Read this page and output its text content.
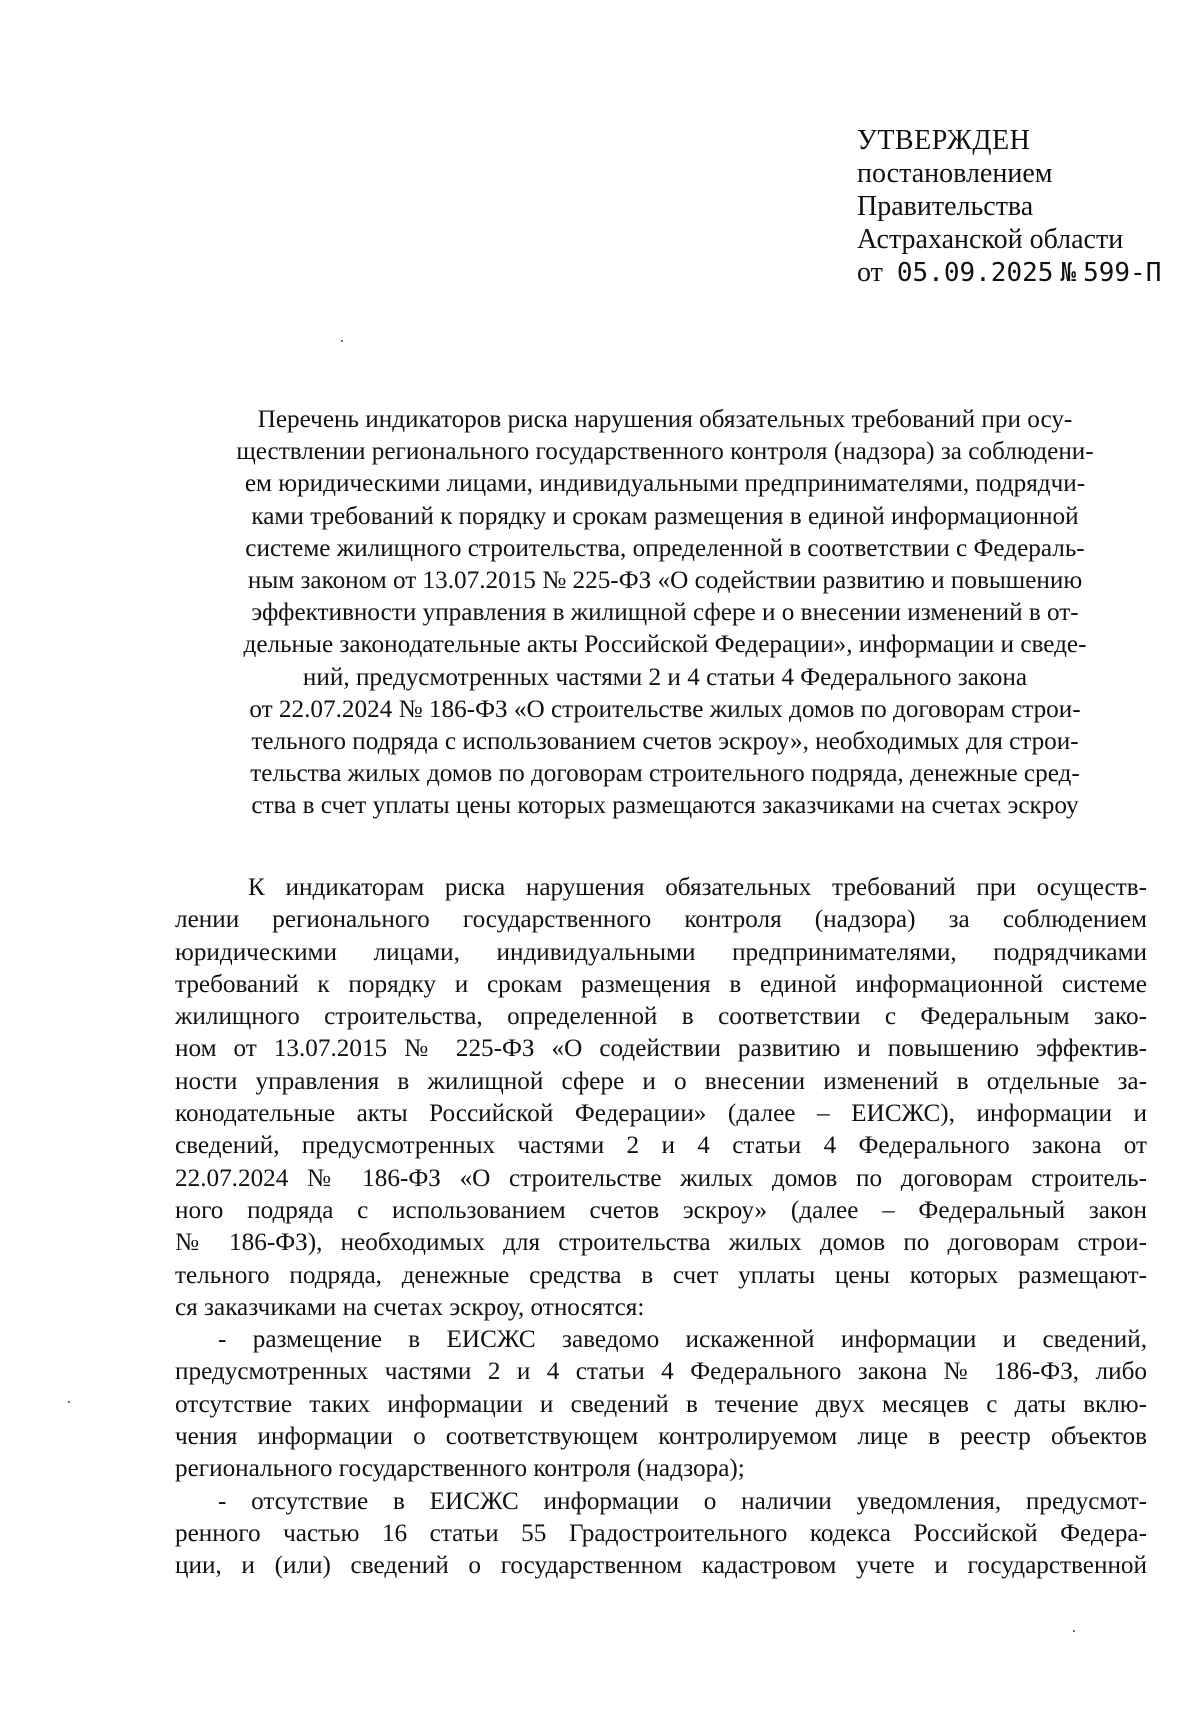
УТВЕРЖДЕН
постановлением
Правительства
Астраханской области
от 05.09.2025 № 599-П
Перечень индикаторов риска нарушения обязательных требований при осу-
ществлении регионального государственного контроля (надзора) за соблюдени-
ем юридическими лицами, индивидуальными предпринимателями, подрядчи-
ками требований к порядку и срокам размещения в единой информационной
системе жилищного строительства, определенной в соответствии с Федераль-
ным законом от 13.07.2015 № 225-ФЗ «О содействии развитию и повышению
эффективности управления в жилищной сфере и о внесении изменений в от-
дельные законодательные акты Российской Федерации», информации и сведе-
ний, предусмотренных частями 2 и 4 статьи 4 Федерального закона
от 22.07.2024 № 186-ФЗ «О строительстве жилых домов по договорам строи-
тельного подряда с использованием счетов эскроу», необходимых для строи-
тельства жилых домов по договорам строительного подряда, денежные сред-
ства в счет уплаты цены которых размещаются заказчиками на счетах эскроу
К индикаторам риска нарушения обязательных требований при осуществ-
лении регионального государственного контроля (надзора) за соблюдением
юридическими лицами, индивидуальными предпринимателями, подрядчиками
требований к порядку и срокам размещения в единой информационной системе
жилищного строительства, определенной в соответствии с Федеральным зако-
ном от 13.07.2015 № 225-ФЗ «О содействии развитию и повышению эффектив-
ности управления в жилищной сфере и о внесении изменений в отдельные за-
конодательные акты Российской Федерации» (далее – ЕИСЖС), информации и
сведений, предусмотренных частями 2 и 4 статьи 4 Федерального закона от
22.07.2024 № 186-ФЗ «О строительстве жилых домов по договорам строитель-
ного подряда с использованием счетов эскроу» (далее – Федеральный закон
№ 186-ФЗ), необходимых для строительства жилых домов по договорам строи-
тельного подряда, денежные средства в счет уплаты цены которых размещают-
ся заказчиками на счетах эскроу, относятся:
- размещение в ЕИСЖС заведомо искаженной информации и сведений,
предусмотренных частями 2 и 4 статьи 4 Федерального закона № 186-ФЗ, либо
отсутствие таких информации и сведений в течение двух месяцев с даты вклю-
чения информации о соответствующем контролируемом лице в реестр объектов
регионального государственного контроля (надзора);
- отсутствие в ЕИСЖС информации о наличии уведомления, предусмот-
ренного частью 16 статьи 55 Градостроительного кодекса Российской Федера-
ции, и (или) сведений о государственном кадастровом учете и государственной
